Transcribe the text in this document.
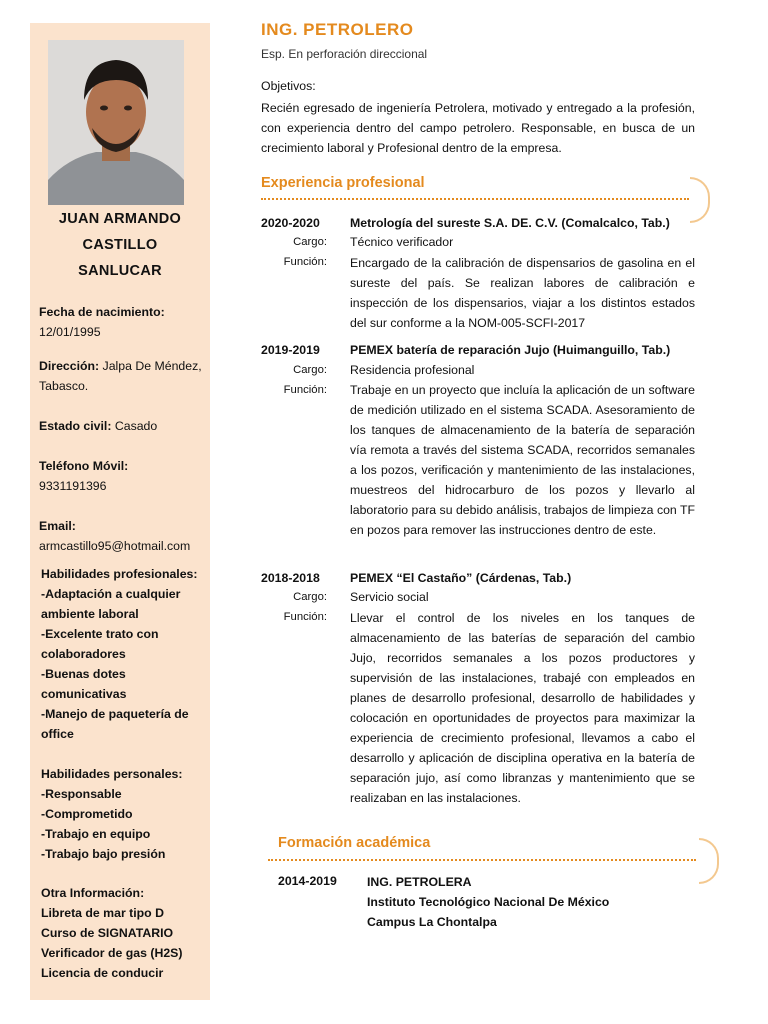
JUAN ARMANDO
CASTILLO
SANLUCAR
Fecha de nacimiento:
12/01/1995
Dirección: Jalpa De Méndez, Tabasco.
Estado civil: Casado
Teléfono Móvil:
9331191396
Email:
armcastillo95@hotmail.com
Habilidades profesionales:
-Adaptación a cualquier
ambiente laboral
-Excelente trato con
colaboradores
-Buenas dotes
comunicativas
-Manejo de paquetería de
office
Habilidades personales:
-Responsable
-Comprometido
-Trabajo en equipo
-Trabajo bajo presión
Otra Información:
Libreta de mar tipo D
Curso de SIGNATARIO
Verificador de gas (H2S)
Licencia de conducir
ING. PETROLERO
Esp. En perforación direccional
Objetivos:
Recién egresado de ingeniería Petrolera, motivado y entregado a la profesión, con experiencia dentro del campo petrolero. Responsable, en busca de un crecimiento laboral y Profesional dentro de la empresa.
Experiencia profesional
2020-2020 Metrología del sureste S.A. DE. C.V. (Comalcalco, Tab.)
Cargo: Técnico verificador
Función: Encargado de la calibración de dispensarios de gasolina en el sureste del país. Se realizan labores de calibración e inspección de los dispensarios, viajar a los distintos estados del sur conforme a la NOM-005-SCFI-2017
2019-2019 PEMEX batería de reparación Jujo (Huimanguillo, Tab.)
Cargo: Residencia profesional
Función: Trabaje en un proyecto que incluía la aplicación de un software de medición utilizado en el sistema SCADA. Asesoramiento de los tanques de almacenamiento de la batería de separación vía remota a través del sistema SCADA, recorridos semanales a los pozos, verificación y mantenimiento de las instalaciones, muestreos del hidrocarburo de los pozos y llevarlo al laboratorio para su debido análisis, trabajos de limpieza con TF en pozos para remover las instrucciones dentro de este.
2018-2018 PEMEX “El Castaño” (Cárdenas, Tab.)
Cargo: Servicio social
Función: Llevar el control de los niveles en los tanques de almacenamiento de las baterías de separación del cambio Jujo, recorridos semanales a los pozos productores y supervisión de las instalaciones, trabajé con empleados en planes de desarrollo profesional, desarrollo de habilidades y colocación en oportunidades de proyectos para maximizar la experiencia de crecimiento profesional, llevamos a cabo el desarrollo y aplicación de disciplina operativa en la batería de separación jujo, así como libranzas y mantenimiento que se realizaban en las instalaciones.
Formación académica
2014-2019 ING. PETROLERA
Instituto Tecnológico Nacional De México
Campus La Chontalpa
